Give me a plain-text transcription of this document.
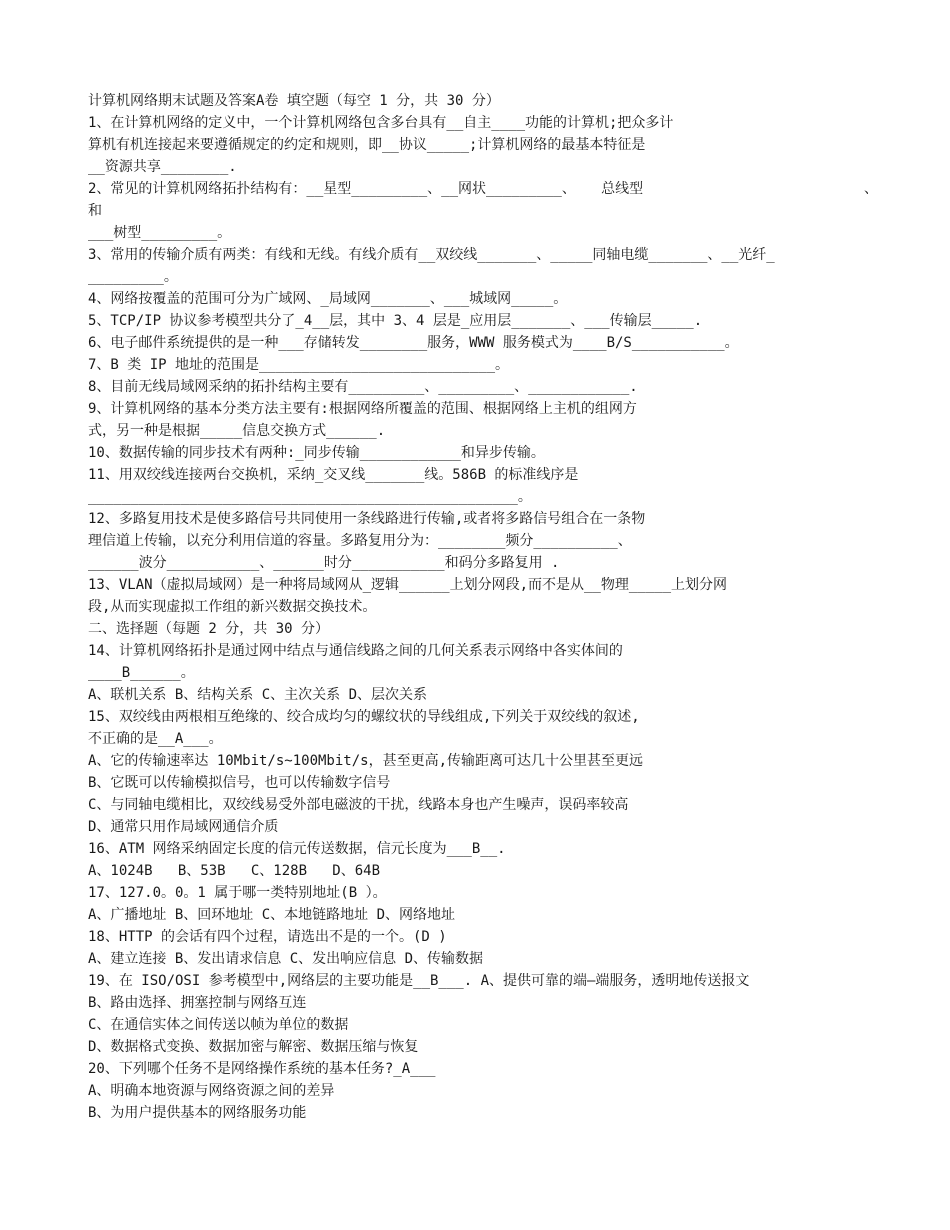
计算机网络期末试题及答案A卷 填空题（每空 1 分，共 30 分）
1、在计算机网络的定义中，一个计算机网络包含多台具有__自主____功能的计算机;把众多计
算机有机连接起来要遵循规定的约定和规则，即__协议_____;计算机网络的最基本特征是
__资源共享________.
2、常见的计算机网络拓扑结构有：__星型_________、__网状_________、   总线型	、
和
___树型_________。
3、常用的传输介质有两类：有线和无线。有线介质有__双绞线_______、_____同轴电缆_______、__光纤_
_________。
4、网络按覆盖的范围可分为广域网、_局域网_______、___城域网_____。
5、TCP/IP 协议参考模型共分了_4__层，其中 3、4 层是_应用层_______、___传输层_____.
6、电子邮件系统提供的是一种___存储转发________服务，WWW 服务模式为____B/S___________。
7、B 类 IP 地址的范围是____________________________。
8、目前无线局域网采纳的拓扑结构主要有_________、_________、____________.
9、计算机网络的基本分类方法主要有:根据网络所覆盖的范围、根据网络上主机的组网方
式，另一种是根据_____信息交换方式______.
10、数据传输的同步技术有两种:_同步传输____________和异步传输。
11、用双绞线连接两台交换机，采纳_交叉线_______线。586B 的标准线序是
___________________________________________________。
12、多路复用技术是使多路信号共同使用一条线路进行传输,或者将多路信号组合在一条物
理信道上传输，以充分利用信道的容量。多路复用分为：________频分__________、
______波分___________、______时分___________和码分多路复用 .
13、VLAN（虚拟局域网）是一种将局域网从_逻辑______上划分网段,而不是从__物理_____上划分网
段,从而实现虚拟工作组的新兴数据交换技术。
二、选择题（每题 2 分，共 30 分）
14、计算机网络拓扑是通过网中结点与通信线路之间的几何关系表示网络中各实体间的
____B______。
A、联机关系 B、结构关系 C、主次关系 D、层次关系
15、双绞线由两根相互绝缘的、绞合成均匀的螺纹状的导线组成,下列关于双绞线的叙述,
不正确的是__A___。
A、它的传输速率达 10Mbit/s~100Mbit/s，甚至更高,传输距离可达几十公里甚至更远
B、它既可以传输模拟信号，也可以传输数字信号
C、与同轴电缆相比，双绞线易受外部电磁波的干扰，线路本身也产生噪声，误码率较高
D、通常只用作局域网通信介质
16、ATM 网络采纳固定长度的信元传送数据，信元长度为___B__.
A、1024B   B、53B   C、128B   D、64B
17、127.0。0。1 属于哪一类特别地址(B ）。
A、广播地址 B、回环地址 C、本地链路地址 D、网络地址
18、HTTP 的会话有四个过程，请选出不是的一个。(D )
A、建立连接 B、发出请求信息 C、发出响应信息 D、传输数据
19、在 ISO/OSI 参考模型中,网络层的主要功能是__B___. A、提供可靠的端—端服务，透明地传送报文
B、路由选择、拥塞控制与网络互连
C、在通信实体之间传送以帧为单位的数据
D、数据格式变换、数据加密与解密、数据压缩与恢复
20、下列哪个任务不是网络操作系统的基本任务?_A___
A、明确本地资源与网络资源之间的差异
B、为用户提供基本的网络服务功能
